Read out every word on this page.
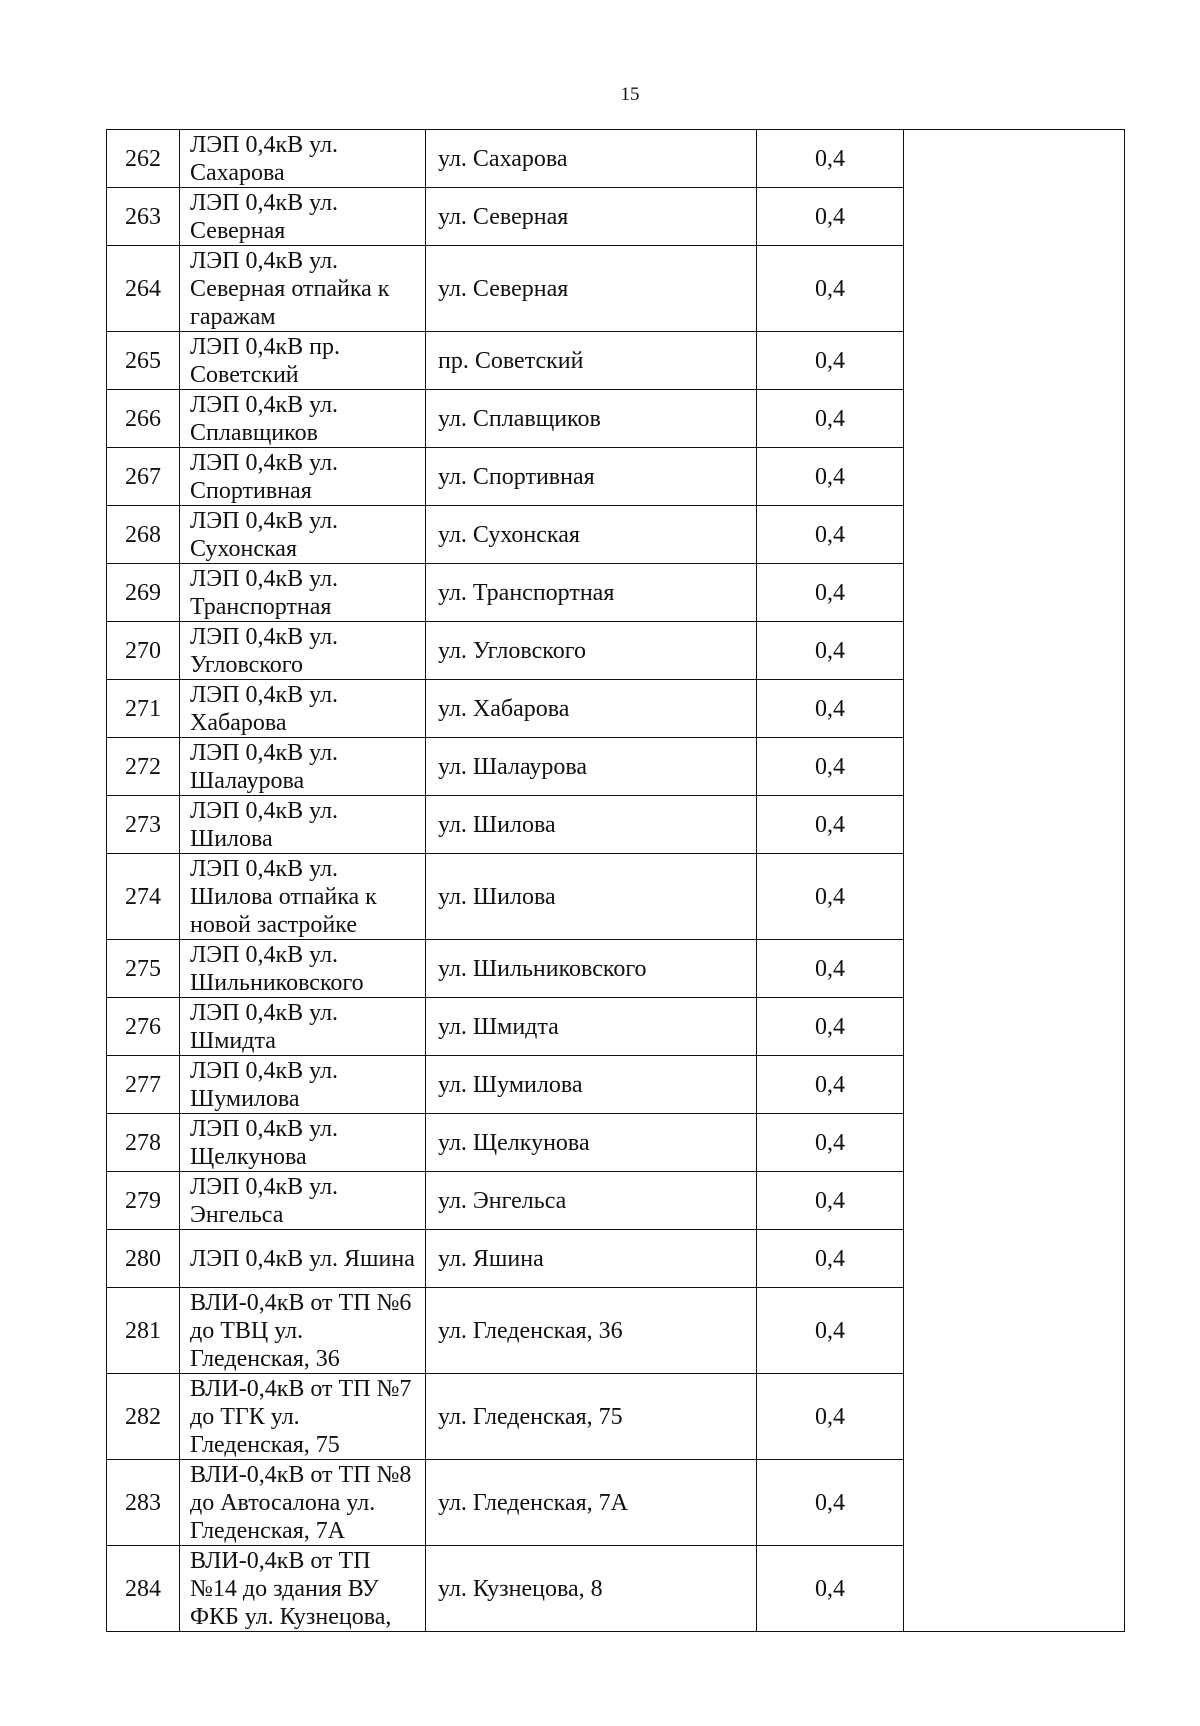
15
262	ЛЭП 0,4кВ ул. Сахарова	ул. Сахарова	0,4	
263	ЛЭП 0,4кВ ул. Северная	ул. Северная	0,4	
264	ЛЭП 0,4кВ ул. Северная отпайка к гаражам	ул. Северная	0,4	
265	ЛЭП 0,4кВ пр. Советский	пр. Советский	0,4	
266	ЛЭП 0,4кВ ул. Сплавщиков	ул. Сплавщиков	0,4	
267	ЛЭП 0,4кВ ул. Спортивная	ул. Спортивная	0,4	
268	ЛЭП 0,4кВ ул. Сухонская	ул. Сухонская	0,4	
269	ЛЭП 0,4кВ ул. Транспортная	ул. Транспортная	0,4	
270	ЛЭП 0,4кВ ул. Угловского	ул. Угловского	0,4	
271	ЛЭП 0,4кВ ул. Хабарова	ул. Хабарова	0,4	
272	ЛЭП 0,4кВ ул. Шалаурова	ул. Шалаурова	0,4	
273	ЛЭП 0,4кВ ул. Шилова	ул. Шилова	0,4	
274	ЛЭП 0,4кВ ул. Шилова отпайка к новой застройке	ул. Шилова	0,4	
275	ЛЭП 0,4кВ ул. Шильниковского	ул. Шильниковского	0,4	
276	ЛЭП 0,4кВ ул. Шмидта	ул. Шмидта	0,4	
277	ЛЭП 0,4кВ ул. Шумилова	ул. Шумилова	0,4	
278	ЛЭП 0,4кВ ул. Щелкунова	ул. Щелкунова	0,4	
279	ЛЭП 0,4кВ ул. Энгельса	ул. Энгельса	0,4	
280	ЛЭП 0,4кВ ул. Яшина	ул. Яшина	0,4	
281	ВЛИ-0,4кВ от ТП №6 до ТВЦ ул. Гледенская, 36	ул. Гледенская, 36	0,4	
282	ВЛИ-0,4кВ от ТП №7 до ТГК ул. Гледенская, 75	ул. Гледенская, 75	0,4	
283	ВЛИ-0,4кВ от ТП №8 до Автосалона ул. Гледенская, 7А	ул. Гледенская, 7А	0,4	
284	ВЛИ-0,4кВ от ТП №14 до здания ВУ ФКБ ул. Кузнецова,	ул. Кузнецова, 8	0,4	
